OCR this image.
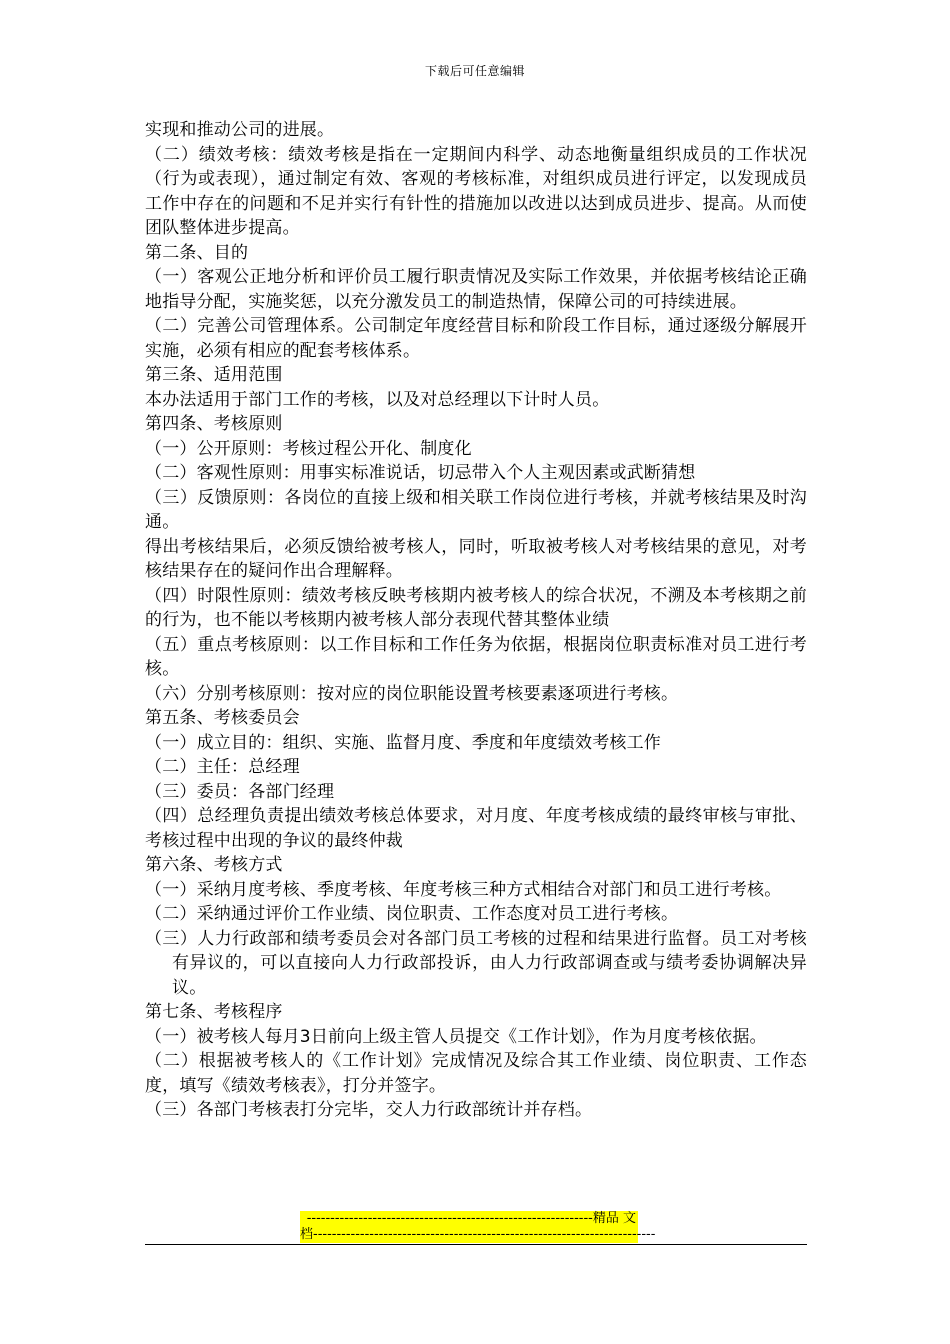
下载后可任意编辑

实现和推动公司的进展。

（二）绩效考核：绩效考核是指在一定期间内科学、动态地衡量组织成员的工作状况（行为或表现），通过制定有效、客观的考核标准，对组织成员进行评定，以发现成员工作中存在的问题和不足并实行有针性的措施加以改进以达到成员进步、提高。从而使团队整体进步提高。

第二条、目的

（一）客观公正地分析和评价员工履行职责情况及实际工作效果，并依据考核结论正确地指导分配，实施奖惩，以充分激发员工的制造热情，保障公司的可持续进展。

（二）完善公司管理体系。公司制定年度经营目标和阶段工作目标，通过逐级分解展开实施，必须有相应的配套考核体系。

第三条、适用范围

本办法适用于部门工作的考核，以及对总经理以下计时人员。

第四条、考核原则

（一）公开原则：考核过程公开化、制度化

（二）客观性原则：用事实标准说话，切忌带入个人主观因素或武断猜想

（三）反馈原则：各岗位的直接上级和相关联工作岗位进行考核，并就考核结果及时沟通。

得出考核结果后，必须反馈给被考核人，同时，听取被考核人对考核结果的意见，对考核结果存在的疑问作出合理解释。

（四）时限性原则：绩效考核反映考核期内被考核人的综合状况，不溯及本考核期之前的行为，也不能以考核期内被考核人部分表现代替其整体业绩

（五）重点考核原则：以工作目标和工作任务为依据，根据岗位职责标准对员工进行考核。

（六）分别考核原则：按对应的岗位职能设置考核要素逐项进行考核。

第五条、考核委员会

（一）成立目的：组织、实施、监督月度、季度和年度绩效考核工作

（二）主任：总经理

（三）委员：各部门经理

（四）总经理负责提出绩效考核总体要求，对月度、年度考核成绩的最终审核与审批、考核过程中出现的争议的最终仲裁

第六条、考核方式

（一）采纳月度考核、季度考核、年度考核三种方式相结合对部门和员工进行考核。

（二）采纳通过评价工作业绩、岗位职责、工作态度对员工进行考核。

（三）人力行政部和绩考委员会对各部门员工考核的过程和结果进行监督。员工对考核有异议的，可以直接向人力行政部投诉，由人力行政部调查或与绩考委协调解决异议。

第七条、考核程序

（一）被考核人每月3日前向上级主管人员提交《工作计划》，作为月度考核依据。

（二）根据被考核人的《工作计划》完成情况及综合其工作业绩、岗位职责、工作态度，填写《绩效考核表》，打分并签字。

（三）各部门考核表打分完毕，交人力行政部统计并存档。

-------------------------------------------------------------精品 文
档-------------------------------------------------------------------------
